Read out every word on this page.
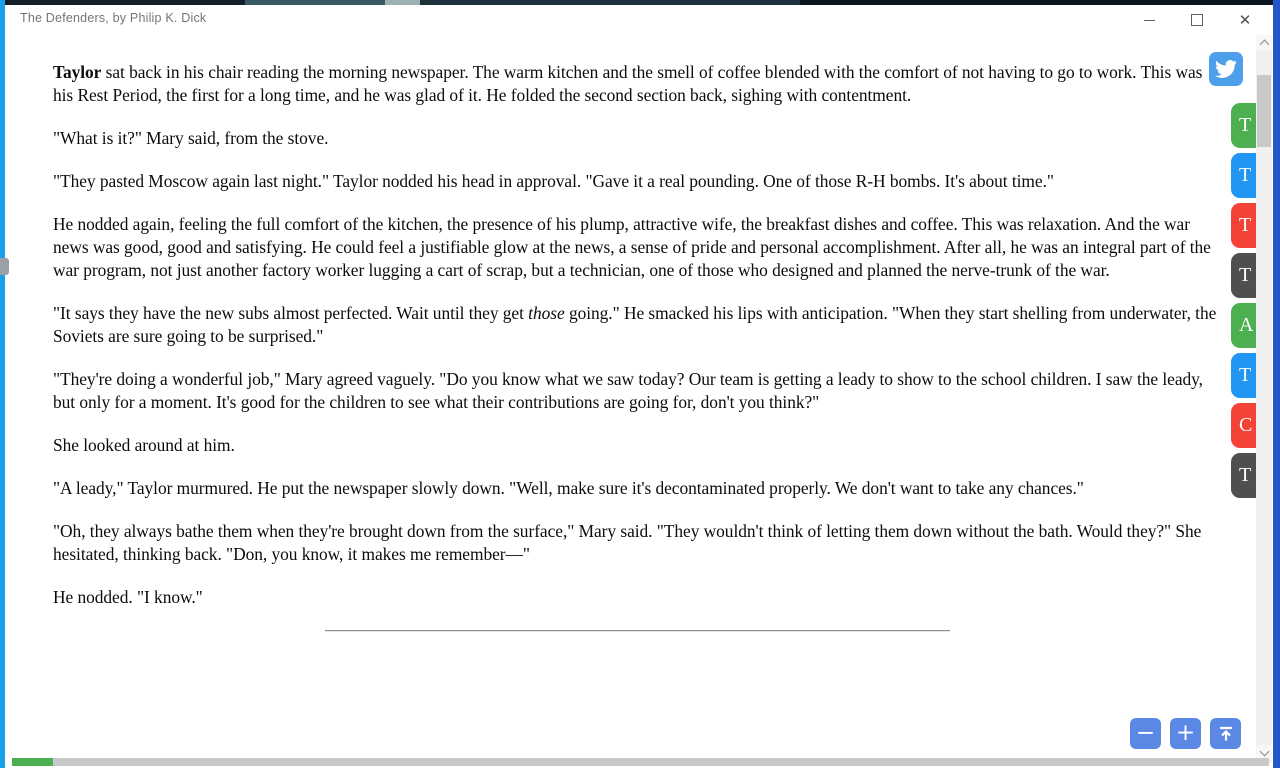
The Defenders, by Philip K. Dick	✕

Taylor sat back in his chair reading the morning newspaper. The warm kitchen and the smell of coffee blended with the comfort of not having to go to work. This was his Rest Period, the first for a long time, and he was glad of it. He folded the second section back, sighing with contentment.

"What is it?" Mary said, from the stove.

"They pasted Moscow again last night." Taylor nodded his head in approval. "Gave it a real pounding. One of those R-H bombs. It's about time."

He nodded again, feeling the full comfort of the kitchen, the presence of his plump, attractive wife, the breakfast dishes and coffee. This was relaxation. And the war news was good, good and satisfying. He could feel a justifiable glow at the news, a sense of pride and personal accomplishment. After all, he was an integral part of the war program, not just another factory worker lugging a cart of scrap, but a technician, one of those who designed and planned the nerve-trunk of the war.

"It says they have the new subs almost perfected. Wait until they get those going." He smacked his lips with anticipation. "When they start shelling from underwater, the Soviets are sure going to be surprised."

"They're doing a wonderful job," Mary agreed vaguely. "Do you know what we saw today? Our team is getting a leady to show to the school children. I saw the leady, but only for a moment. It's good for the children to see what their contributions are going for, don't you think?"

She looked around at him.

"A leady," Taylor murmured. He put the newspaper slowly down. "Well, make sure it's decontaminated properly. We don't want to take any chances."

"Oh, they always bathe them when they're brought down from the surface," Mary said. "They wouldn't think of letting them down without the bath. Would they?" She hesitated, thinking back. "Don, you know, it makes me remember—"

He nodded. "I know."

T
T
T
T
A
T
C
T
− +
